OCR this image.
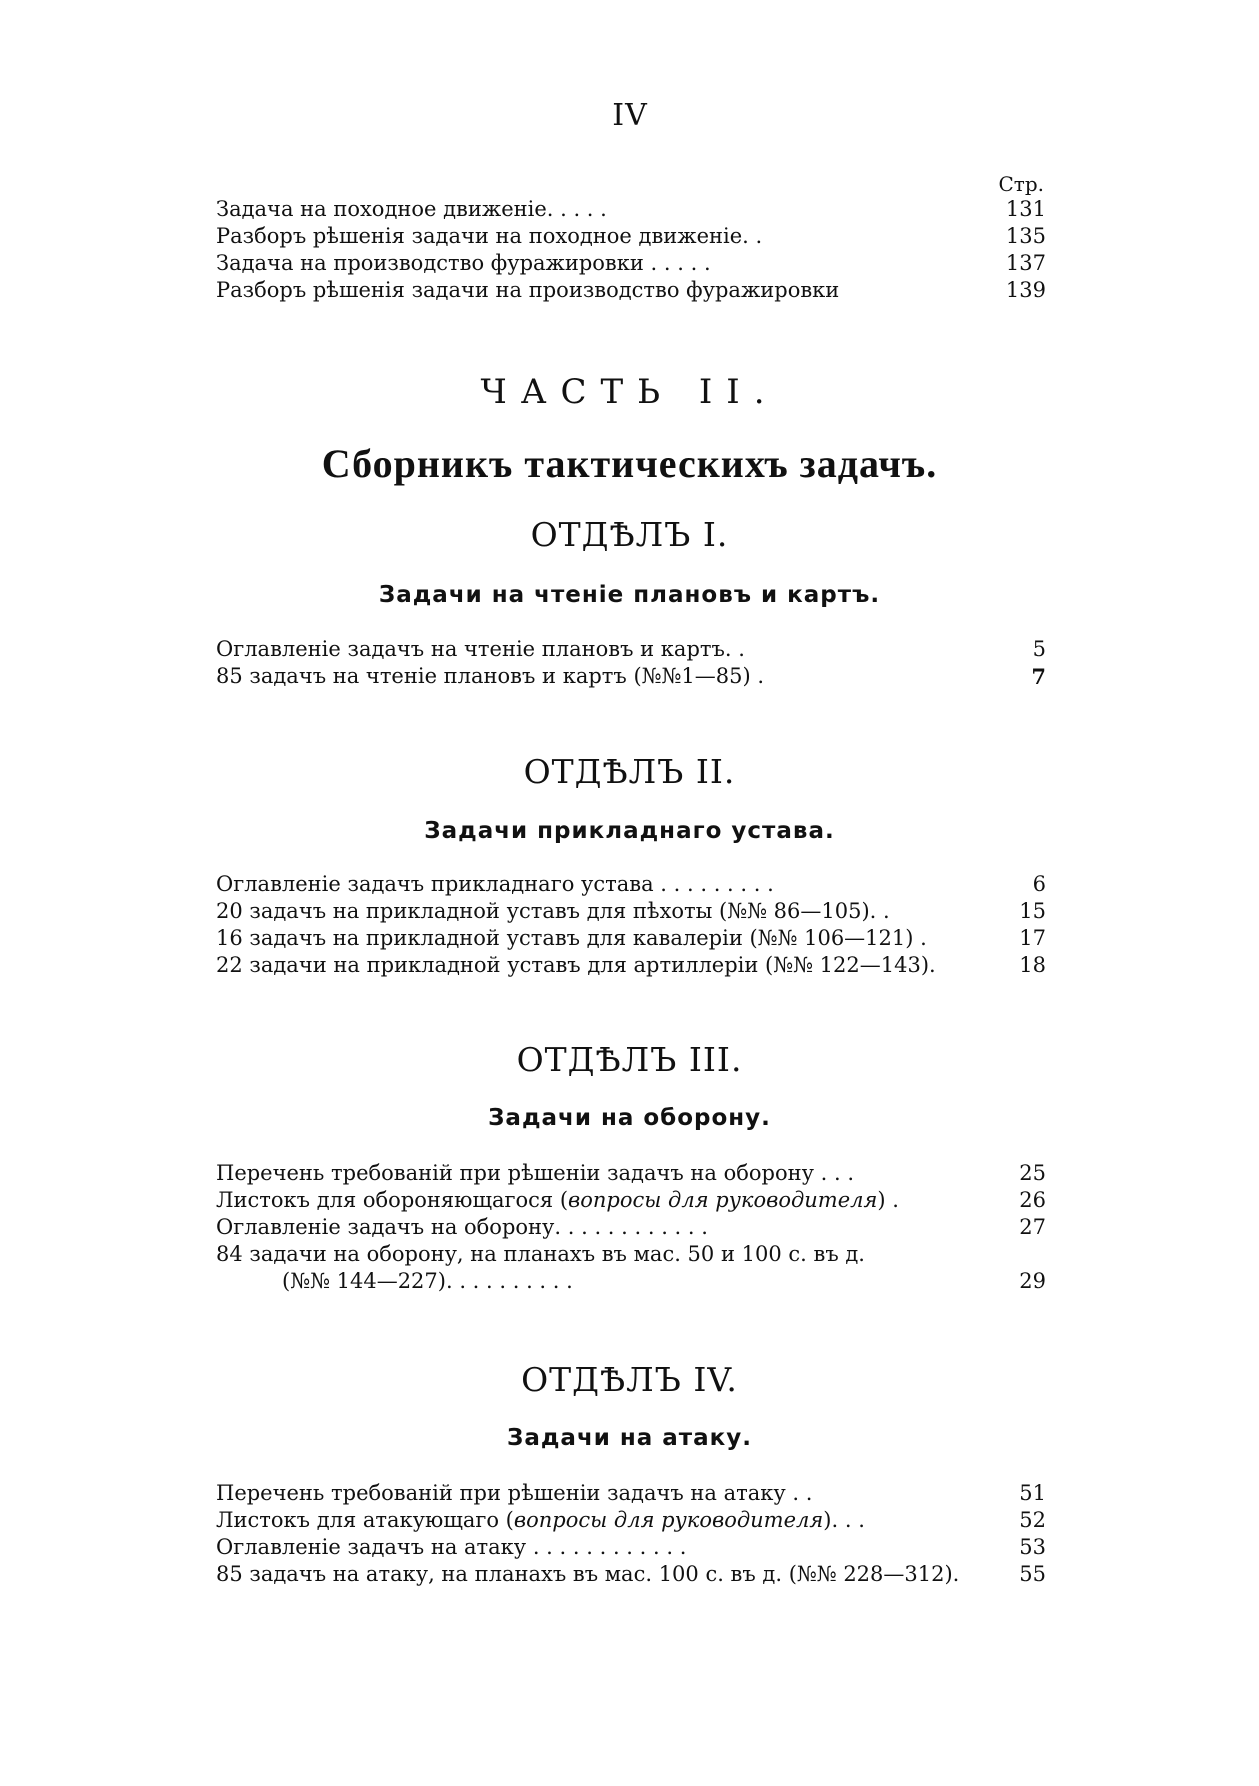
IV
Стр.
Задача на походное движеніе. . . . .	131
Разборъ рѣшенія задачи на походное движеніе. .	135
Задача на производство фуражировки . . . . .	137
Разборъ рѣшенія задачи на производство фуражировки	139
ЧАСТЬ II.
Сборникъ тактическихъ задачъ.
ОТДѢЛЪ I.
Задачи на чтеніе плановъ и картъ.
Оглавленіе задачъ на чтеніе плановъ и картъ. .	5
85 задачъ на чтеніе плановъ и картъ (№№1—85) .	7
ОТДѢЛЪ II.
Задачи прикладнаго устава.
Оглавленіе задачъ прикладнаго устава . . . . . . . . .	6
20 задачъ на прикладной уставъ для пѣхоты (№№ 86—105). .	15
16 задачъ на прикладной уставъ для кавалеріи (№№ 106—121) .	17
22 задачи на прикладной уставъ для артиллеріи (№№ 122—143).	18
ОТДѢЛЪ III.
Задачи на оборону.
Перечень требованій при рѣшеніи задачъ на оборону . . .	25
Листокъ для обороняющагося (вопросы для руководителя) .	26
Оглавленіе задачъ на оборону. . . . . . . . . . . .	27
84 задачи на оборону, на планахъ въ мас. 50 и 100 с. въ д.
(№№ 144—227). . . . . . . . . .	29
ОТДѢЛЪ IV.
Задачи на атаку.
Перечень требованій при рѣшеніи задачъ на атаку . .	51
Листокъ для атакующаго (вопросы для руководителя). . .	52
Оглавленіе задачъ на атаку . . . . . . . . . . . .	53
85 задачъ на атаку, на планахъ въ мас. 100 с. въ д. (№№ 228—312).	55
